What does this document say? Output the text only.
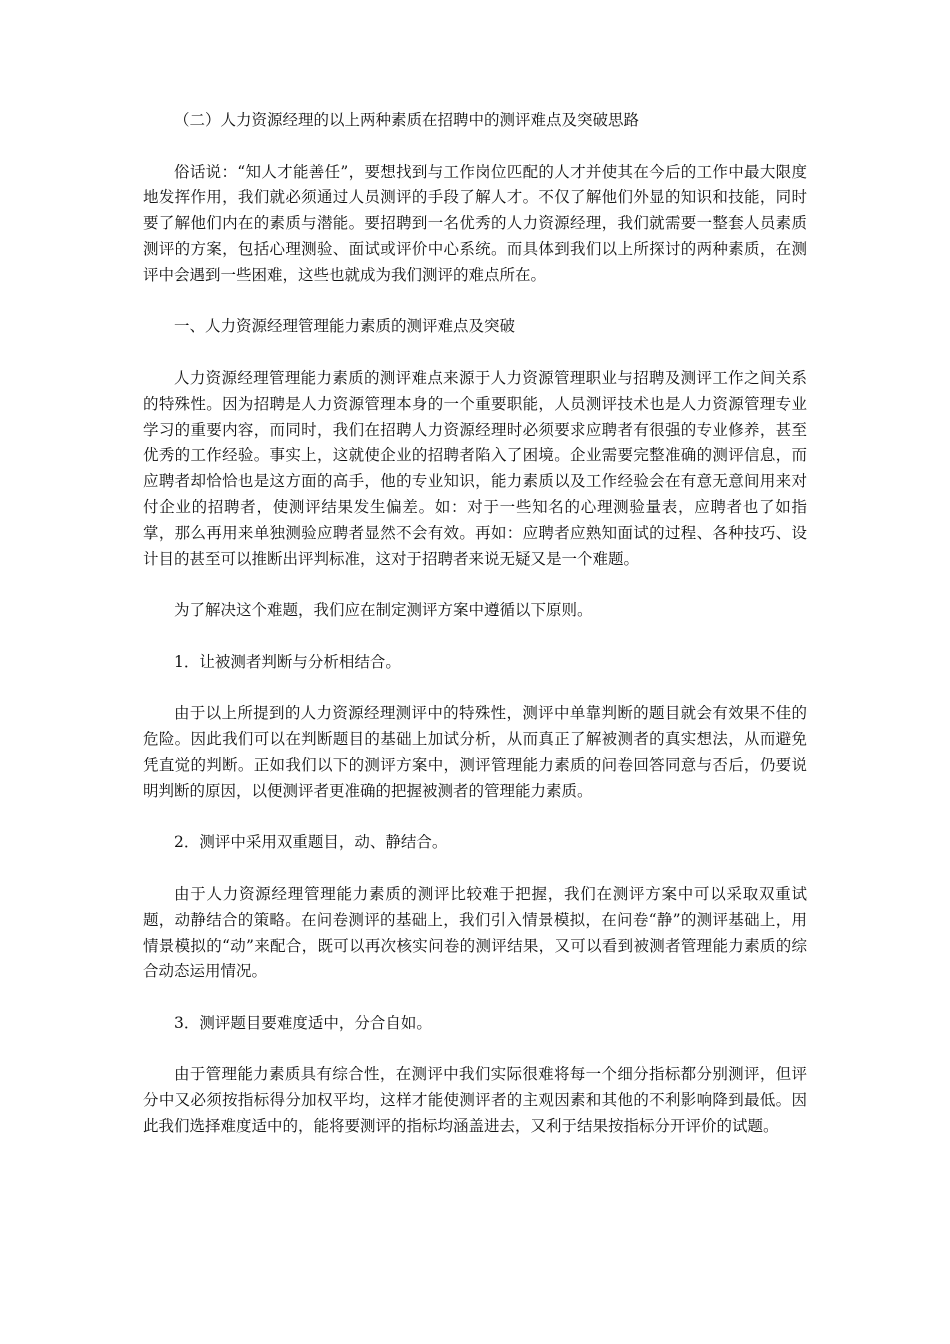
（二）人力资源经理的以上两种素质在招聘中的测评难点及突破思路

俗话说：“知人才能善任”，要想找到与工作岗位匹配的人才并使其在今后的工作中最大限度地发挥作用，我们就必须通过人员测评的手段了解人才。不仅了解他们外显的知识和技能，同时要了解他们内在的素质与潜能。要招聘到一名优秀的人力资源经理，我们就需要一整套人员素质测评的方案，包括心理测验、面试或评价中心系统。而具体到我们以上所探讨的两种素质，在测评中会遇到一些困难，这些也就成为我们测评的难点所在。

一、人力资源经理管理能力素质的测评难点及突破

人力资源经理管理能力素质的测评难点来源于人力资源管理职业与招聘及测评工作之间关系的特殊性。因为招聘是人力资源管理本身的一个重要职能，人员测评技术也是人力资源管理专业学习的重要内容，而同时，我们在招聘人力资源经理时必须要求应聘者有很强的专业修养，甚至优秀的工作经验。事实上，这就使企业的招聘者陷入了困境。企业需要完整准确的测评信息，而应聘者却恰恰也是这方面的高手，他的专业知识，能力素质以及工作经验会在有意无意间用来对付企业的招聘者，使测评结果发生偏差。如：对于一些知名的心理测验量表，应聘者也了如指掌，那么再用来单独测验应聘者显然不会有效。再如：应聘者应熟知面试的过程、各种技巧、设计目的甚至可以推断出评判标准，这对于招聘者来说无疑又是一个难题。

为了解决这个难题，我们应在制定测评方案中遵循以下原则。

1．让被测者判断与分析相结合。

由于以上所提到的人力资源经理测评中的特殊性，测评中单靠判断的题目就会有效果不佳的危险。因此我们可以在判断题目的基础上加试分析，从而真正了解被测者的真实想法，从而避免凭直觉的判断。正如我们以下的测评方案中，测评管理能力素质的问卷回答同意与否后，仍要说明判断的原因，以便测评者更准确的把握被测者的管理能力素质。

2．测评中采用双重题目，动、静结合。

由于人力资源经理管理能力素质的测评比较难于把握，我们在测评方案中可以采取双重试题，动静结合的策略。在问卷测评的基础上，我们引入情景模拟，在问卷“静”的测评基础上，用情景模拟的“动”来配合，既可以再次核实问卷的测评结果，又可以看到被测者管理能力素质的综合动态运用情况。

3．测评题目要难度适中，分合自如。

由于管理能力素质具有综合性，在测评中我们实际很难将每一个细分指标都分别测评，但评分中又必须按指标得分加权平均，这样才能使测评者的主观因素和其他的不利影响降到最低。因此我们选择难度适中的，能将要测评的指标均涵盖进去，又利于结果按指标分开评价的试题。
